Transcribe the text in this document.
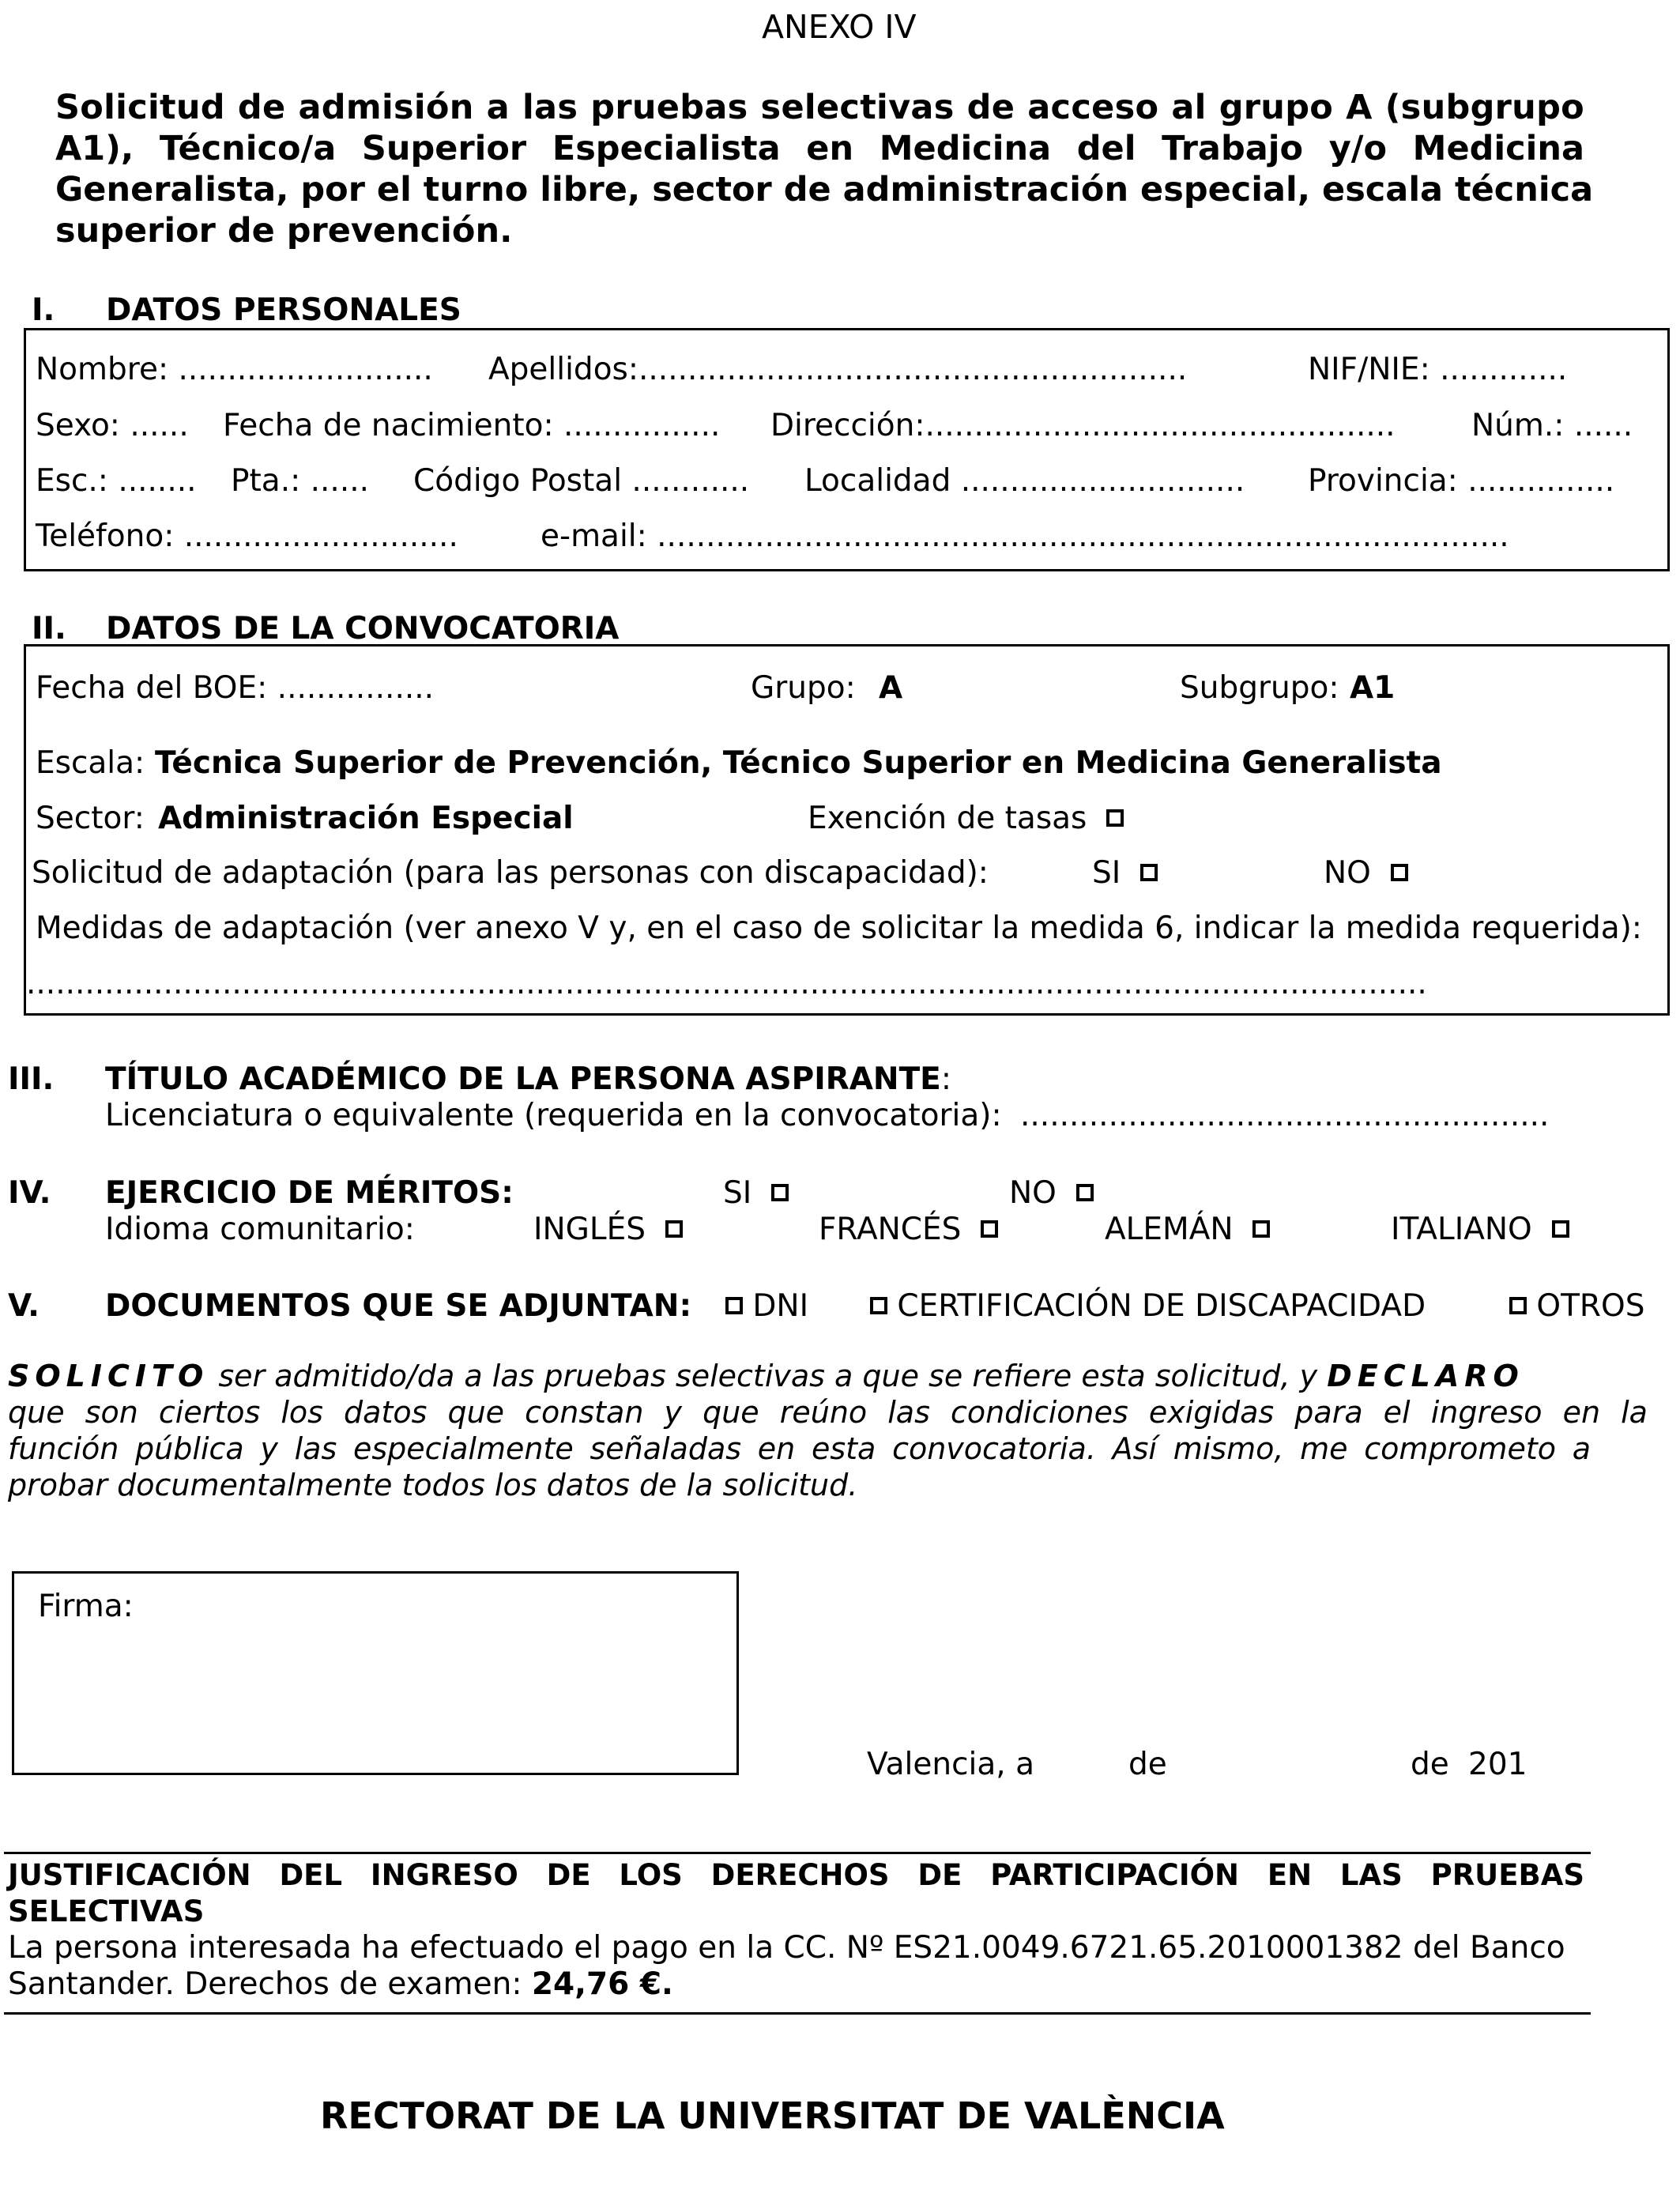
ANEXO IV
Solicitud de admisión a las pruebas selectivas de acceso al grupo A (subgrupo
A1), Técnico/a Superior Especialista en Medicina del Trabajo y/o Medicina
Generalista, por el turno libre, sector de administración especial, escala técnica
superior de prevención.
I. DATOS PERSONALES
Nombre: .......................... Apellidos:........................................................	NIF/NIE: .............
Sexo: ...... Fecha de nacimiento: ................ Dirección:................................................ Núm.: ......
Esc.: ........ Pta.: ...... Código Postal ............ Localidad ............................. Provincia: ...............
Teléfono: ............................	e-mail: .......................................................................................
II. DATOS DE LA CONVOCATORIA
Fecha del BOE: ................	Grupo: A	Subgrupo: A1
Escala: Técnica Superior de Prevención, Técnico Superior en Medicina Generalista
Sector: Administración Especial	Exención de tasas
Solicitud de adaptación (para las personas con discapacidad):	SI	NO
Medidas de adaptación (ver anexo V y, en el caso de solicitar la medida 6, indicar la medida requerida):
...............................................................................................................................................
III. TÍTULO ACADÉMICO DE LA PERSONA ASPIRANTE:
Licenciatura o equivalente (requerida en la convocatoria): ......................................................
IV. EJERCICIO DE MÉRITOS:	SI	NO
Idioma comunitario:	INGLÉS	FRANCÉS	ALEMÁN	ITALIANO
V. DOCUMENTOS QUE SE ADJUNTAN:	DNI	CERTIFICACIÓN DE DISCAPACIDAD	OTROS
SOLICITO ser admitido/da a las pruebas selectivas a que se refiere esta solicitud, y DECLARO
que son ciertos los datos que constan y que reúno las condiciones exigidas para el ingreso en la
función pública y las especialmente señaladas en esta convocatoria. Así mismo, me comprometo a
probar documentalmente todos los datos de la solicitud.
Firma:
Valencia, a	de	de 201
JUSTIFICACIÓN DEL INGRESO DE LOS DERECHOS DE PARTICIPACIÓN EN LAS PRUEBAS
SELECTIVAS
La persona interesada ha efectuado el pago en la CC. Nº ES21.0049.6721.65.2010001382 del Banco
Santander. Derechos de examen: 24,76 €.
RECTORAT DE LA UNIVERSITAT DE VALÈNCIA
